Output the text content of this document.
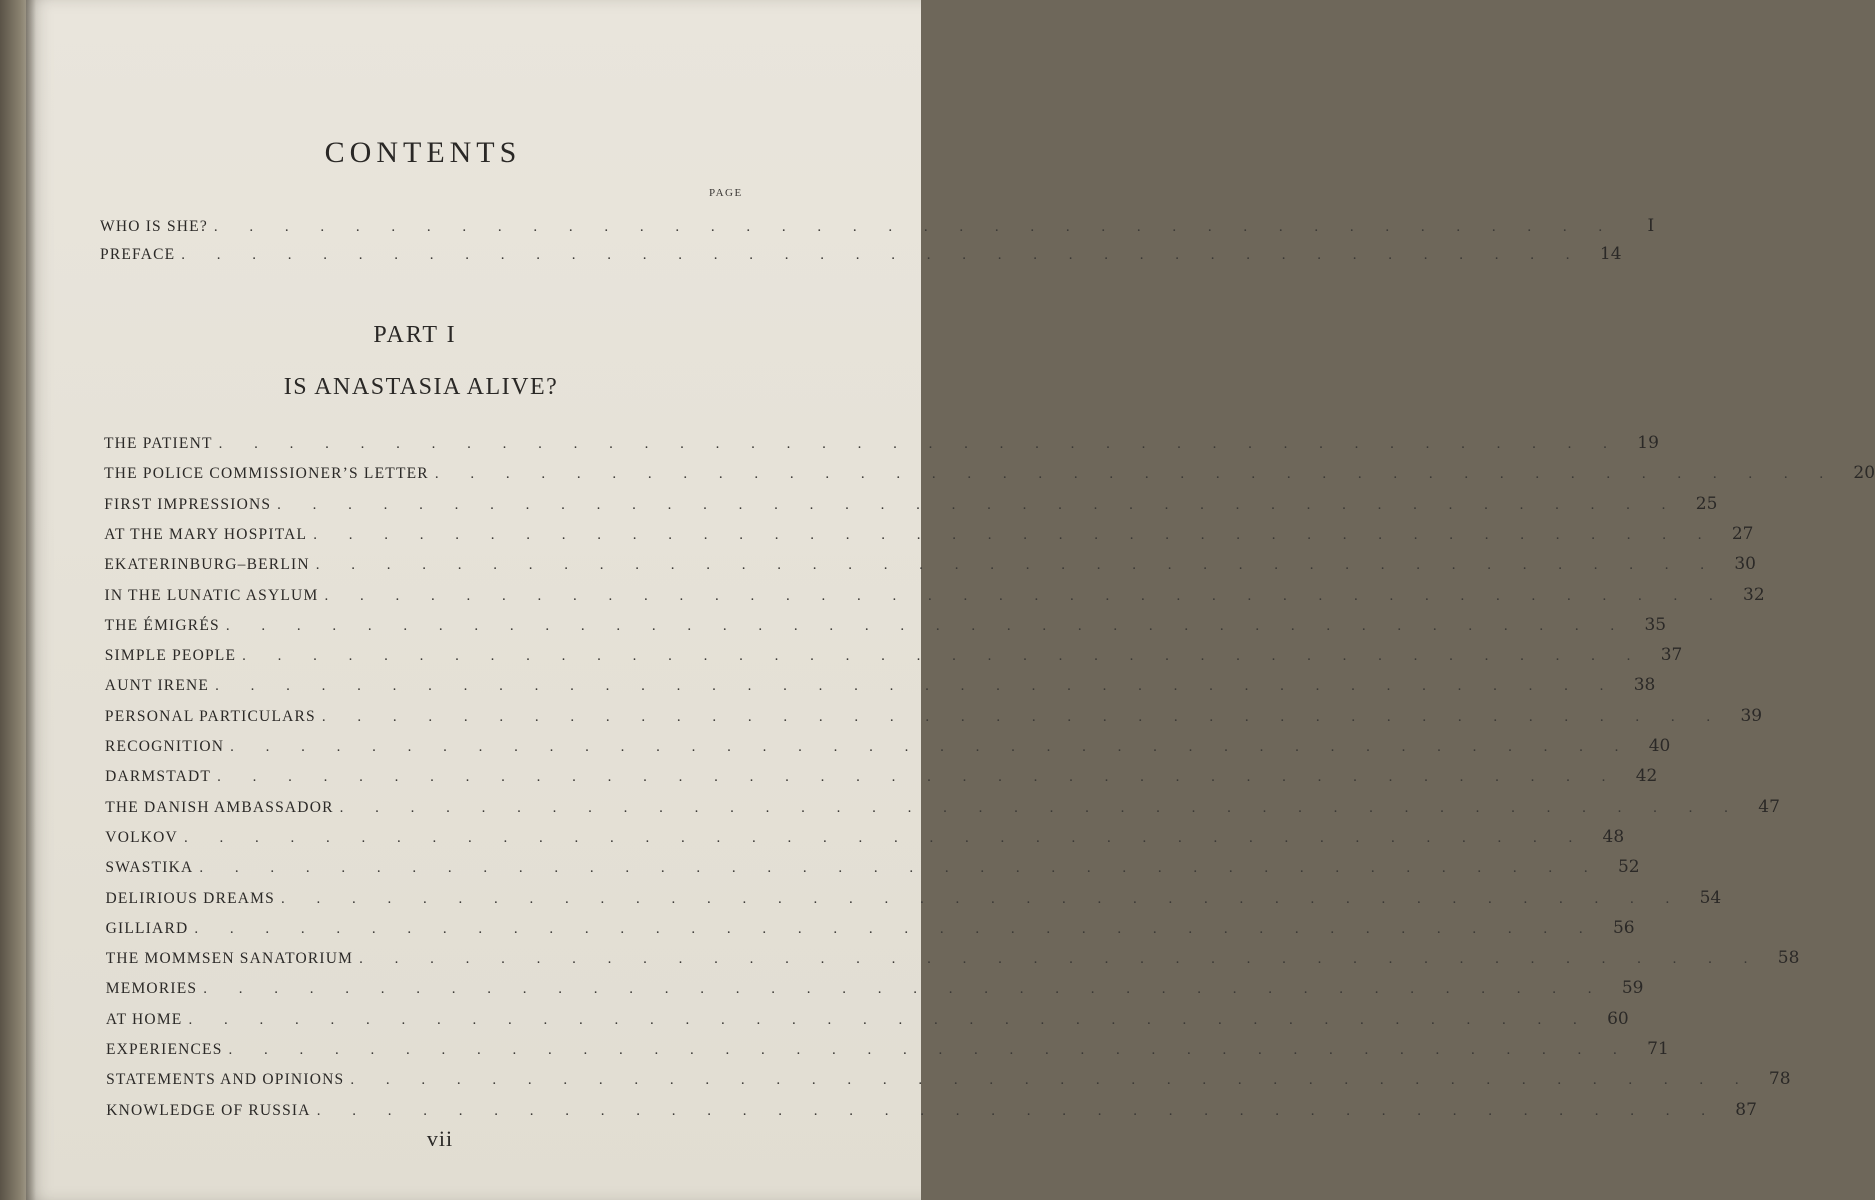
CONTENTS
PAGE
WHO IS SHE? . . . . . . . . . . . . . . . . . . . . . . . . . . . . . . . . . . . . . . . .	I
PREFACE . . . . . . . . . . . . . . . . . . . . . . . . . . . . . . . . . . . . . . . . 14
PART I
IS ANASTASIA ALIVE?
THE PATIENT . . . . . . . . . . . . . . . . . . . . . . . . . . . . . . . . . . . . . . . . 19
THE POLICE COMMISSIONER’S LETTER . . . . . . . . . . . . . . . . . . . . . . . . . . . . . . . . . . . . . . . . 20
FIRST IMPRESSIONS . . . . . . . . . . . . . . . . . . . . . . . . . . . . . . . . . . . . . . . . 25
AT THE MARY HOSPITAL . . . . . . . . . . . . . . . . . . . . . . . . . . . . . . . . . . . . . . . . 27
EKATERINBURG–BERLIN . . . . . . . . . . . . . . . . . . . . . . . . . . . . . . . . . . . . . . . . 30
IN THE LUNATIC ASYLUM . . . . . . . . . . . . . . . . . . . . . . . . . . . . . . . . . . . . . . . . 32
THE ÉMIGRÉS . . . . . . . . . . . . . . . . . . . . . . . . . . . . . . . . . . . . . . . . 35
SIMPLE PEOPLE . . . . . . . . . . . . . . . . . . . . . . . . . . . . . . . . . . . . . . . . 37
AUNT IRENE . . . . . . . . . . . . . . . . . . . . . . . . . . . . . . . . . . . . . . . . 38
PERSONAL PARTICULARS . . . . . . . . . . . . . . . . . . . . . . . . . . . . . . . . . . . . . . . . 39
RECOGNITION . . . . . . . . . . . . . . . . . . . . . . . . . . . . . . . . . . . . . . . . 40
DARMSTADT . . . . . . . . . . . . . . . . . . . . . . . . . . . . . . . . . . . . . . . . 42
THE DANISH AMBASSADOR . . . . . . . . . . . . . . . . . . . . . . . . . . . . . . . . . . . . . . . . 47
VOLKOV . . . . . . . . . . . . . . . . . . . . . . . . . . . . . . . . . . . . . . . . 48
SWASTIKA . . . . . . . . . . . . . . . . . . . . . . . . . . . . . . . . . . . . . . . . 52
DELIRIOUS DREAMS . . . . . . . . . . . . . . . . . . . . . . . . . . . . . . . . . . . . . . . . 54
GILLIARD . . . . . . . . . . . . . . . . . . . . . . . . . . . . . . . . . . . . . . . . 56
THE MOMMSEN SANATORIUM . . . . . . . . . . . . . . . . . . . . . . . . . . . . . . . . . . . . . . . . 58
MEMORIES . . . . . . . . . . . . . . . . . . . . . . . . . . . . . . . . . . . . . . . . 59
AT HOME . . . . . . . . . . . . . . . . . . . . . . . . . . . . . . . . . . . . . . . . 60
EXPERIENCES . . . . . . . . . . . . . . . . . . . . . . . . . . . . . . . . . . . . . . . . 71
STATEMENTS AND OPINIONS . . . . . . . . . . . . . . . . . . . . . . . . . . . . . . . . . . . . . . . . 78
KNOWLEDGE OF RUSSIA . . . . . . . . . . . . . . . . . . . . . . . . . . . . . . . . . . . . . . . . 87
vii
